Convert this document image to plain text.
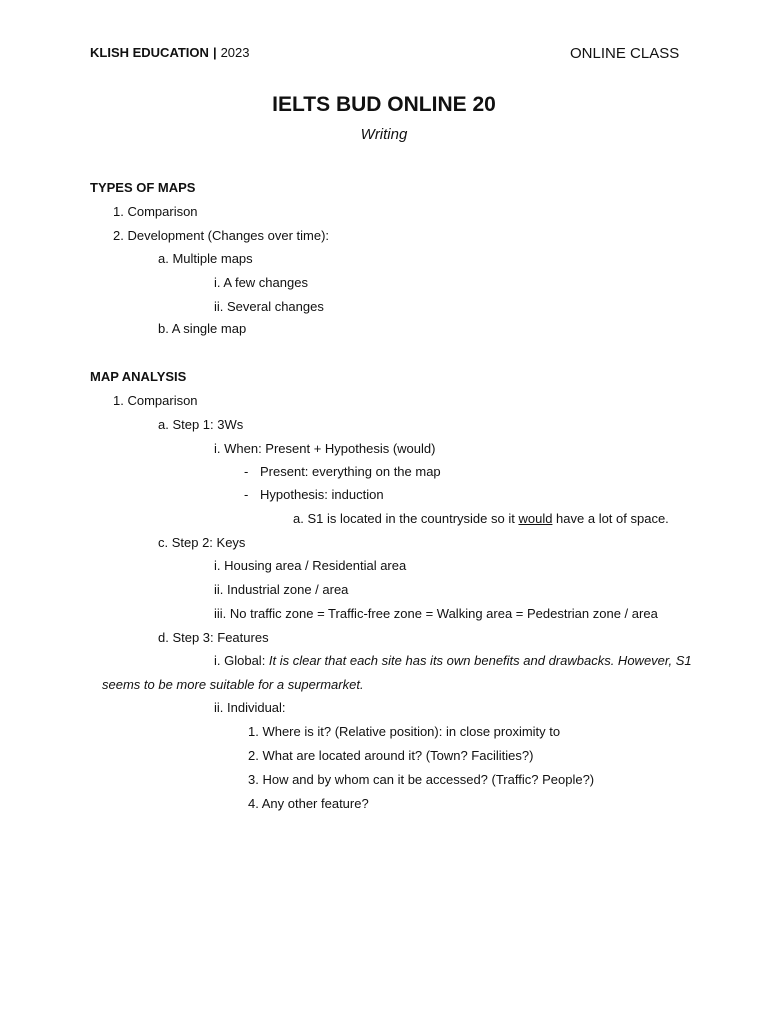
KLISH EDUCATION | 2023	ONLINE CLASS
IELTS BUD ONLINE 20
Writing
TYPES OF MAPS
1. Comparison
2. Development (Changes over time):
a. Multiple maps
i. A few changes
ii. Several changes
b. A single map
MAP ANALYSIS
1. Comparison
a. Step 1: 3Ws
i. When: Present + Hypothesis (would)
- Present: everything on the map
- Hypothesis: induction
a. S1 is located in the countryside so it would have a lot of space.
c. Step 2: Keys
i. Housing area / Residential area
ii. Industrial zone / area
iii. No traffic zone = Traffic-free zone = Walking area = Pedestrian zone / area
d. Step 3: Features
i. Global: It is clear that each site has its own benefits and drawbacks. However, S1
seems to be more suitable for a supermarket.
ii. Individual:
1. Where is it? (Relative position): in close proximity to
2. What are located around it? (Town? Facilities?)
3. How and by whom can it be accessed? (Traffic? People?)
4. Any other feature?
